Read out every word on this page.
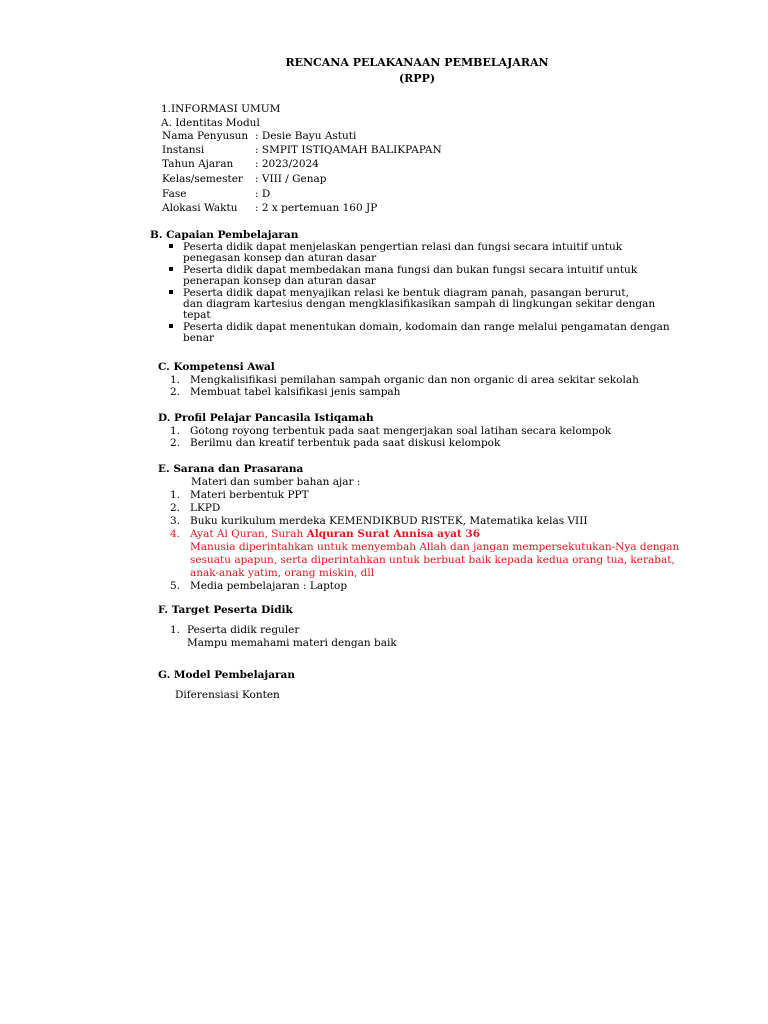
RENCANA PELAKANAAN PEMBELAJARAN
(RPP)
1.INFORMASI UMUM
A. Identitas Modul
Nama Penyusun : Desie Bayu Astuti
Instansi	: SMPIT ISTIQAMAH BALIKPAPAN
Tahun Ajaran : 2023/2024
Kelas/semester : VIII / Genap
Fase	: D
Alokasi Waktu : 2 x pertemuan 160 JP
B. Capaian Pembelajaran
Peserta didik dapat menjelaskan pengertian relasi dan fungsi secara intuitif untuk
penegasan konsep dan aturan dasar
Peserta didik dapat membedakan mana fungsi dan bukan fungsi secara intuitif untuk
penerapan konsep dan aturan dasar
Peserta didik dapat menyajikan relasi ke bentuk diagram panah, pasangan berurut,
dan diagram kartesius dengan mengklasifikasikan sampah di lingkungan sekitar dengan
tepat
Peserta didik dapat menentukan domain, kodomain dan range melalui pengamatan dengan
benar
C. Kompetensi Awal
1. Mengkalisifikasi pemilahan sampah organic dan non organic di area sekitar sekolah
2. Membuat tabel kalsifikasi jenis sampah
D. Profil Pelajar Pancasila Istiqamah
1. Gotong royong terbentuk pada saat mengerjakan soal latihan secara kelompok
2. Berilmu dan kreatif terbentuk pada saat diskusi kelompok
E. Sarana dan Prasarana
Materi dan sumber bahan ajar :
1. Materi berbentuk PPT
2. LKPD
3. Buku kurikulum merdeka KEMENDIKBUD RISTEK, Matematika kelas VIII
4. Ayat Al Quran, Surah Alquran Surat Annisa ayat 36
Manusia diperintahkan untuk menyembah Allah dan jangan mempersekutukan-Nya dengan
sesuatu apapun, serta diperintahkan untuk berbuat baik kepada kedua orang tua, kerabat,
anak-anak yatim, orang miskin, dll
5. Media pembelajaran : Laptop
F. Target Peserta Didik
1. Peserta didik reguler
Mampu memahami materi dengan baik
G. Model Pembelajaran
Diferensiasi Konten
